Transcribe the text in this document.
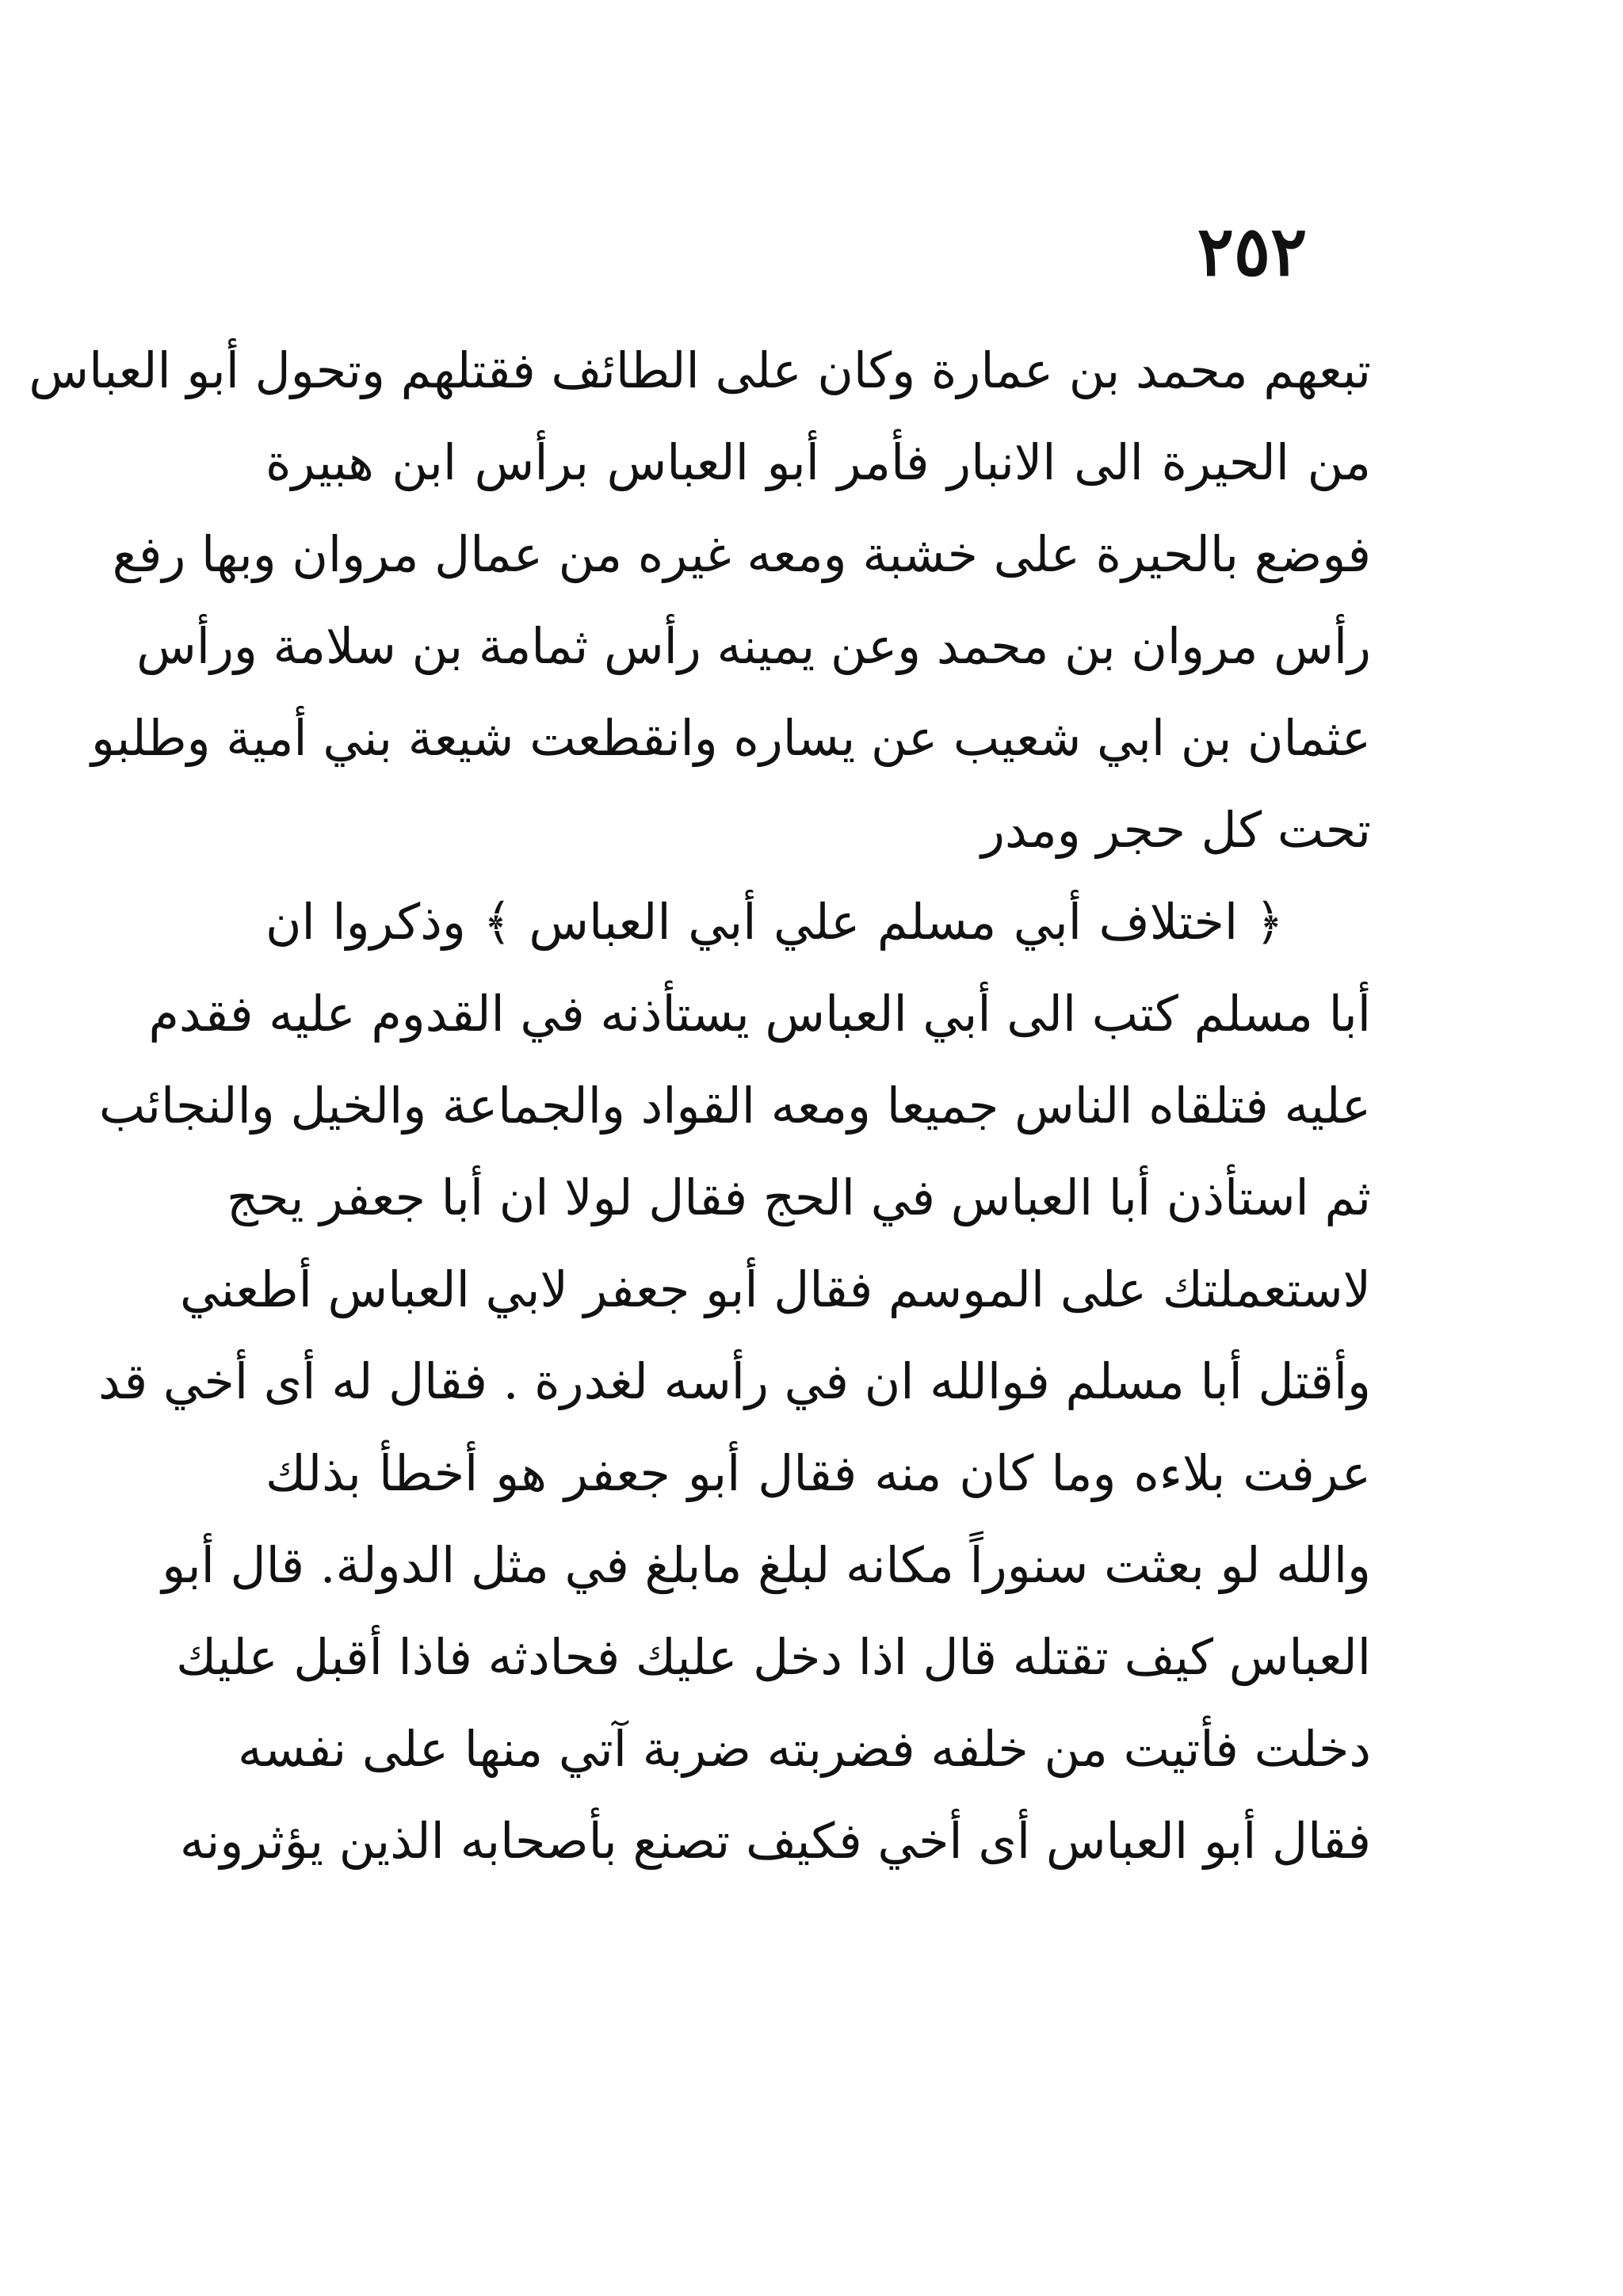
٢٥٢
تبعهم محمد بن عمارة وكان على الطائف فقتلهم وتحول أبو العباس
من الحيرة الى الانبار فأمر أبو العباس برأس ابن هبيرة
فوضع بالحيرة على خشبة ومعه غيره من عمال مروان وبها رفع
رأس مروان بن محمد وعن يمينه رأس ثمامة بن سلامة ورأس
عثمان بن ابي شعيب عن يساره وانقطعت شيعة بني أمية وطلبو
تحت كل حجر ومدر
﴿ اختلاف أبي مسلم علي أبي العباس ﴾ وذكروا ان
أبا مسلم كتب الى أبي العباس يستأذنه في القدوم عليه فقدم
عليه فتلقاه الناس جميعا ومعه القواد والجماعة والخيل والنجائب
ثم استأذن أبا العباس في الحج فقال لولا ان أبا جعفر يحج
لاستعملتك على الموسم فقال أبو جعفر لابي العباس أطعني
وأقتل أبا مسلم فوالله ان في رأسه لغدرة . فقال له أى أخي قد
عرفت بلاءه وما كان منه فقال أبو جعفر هو أخطأ بذلك
والله لو بعثت سنوراً مكانه لبلغ مابلغ في مثل الدولة. قال أبو
العباس كيف تقتله قال اذا دخل عليك فحادثه فاذا أقبل عليك
دخلت فأتيت من خلفه فضربته ضربة آتي منها على نفسه
فقال أبو العباس أى أخي فكيف تصنع بأصحابه الذين يؤثرونه
